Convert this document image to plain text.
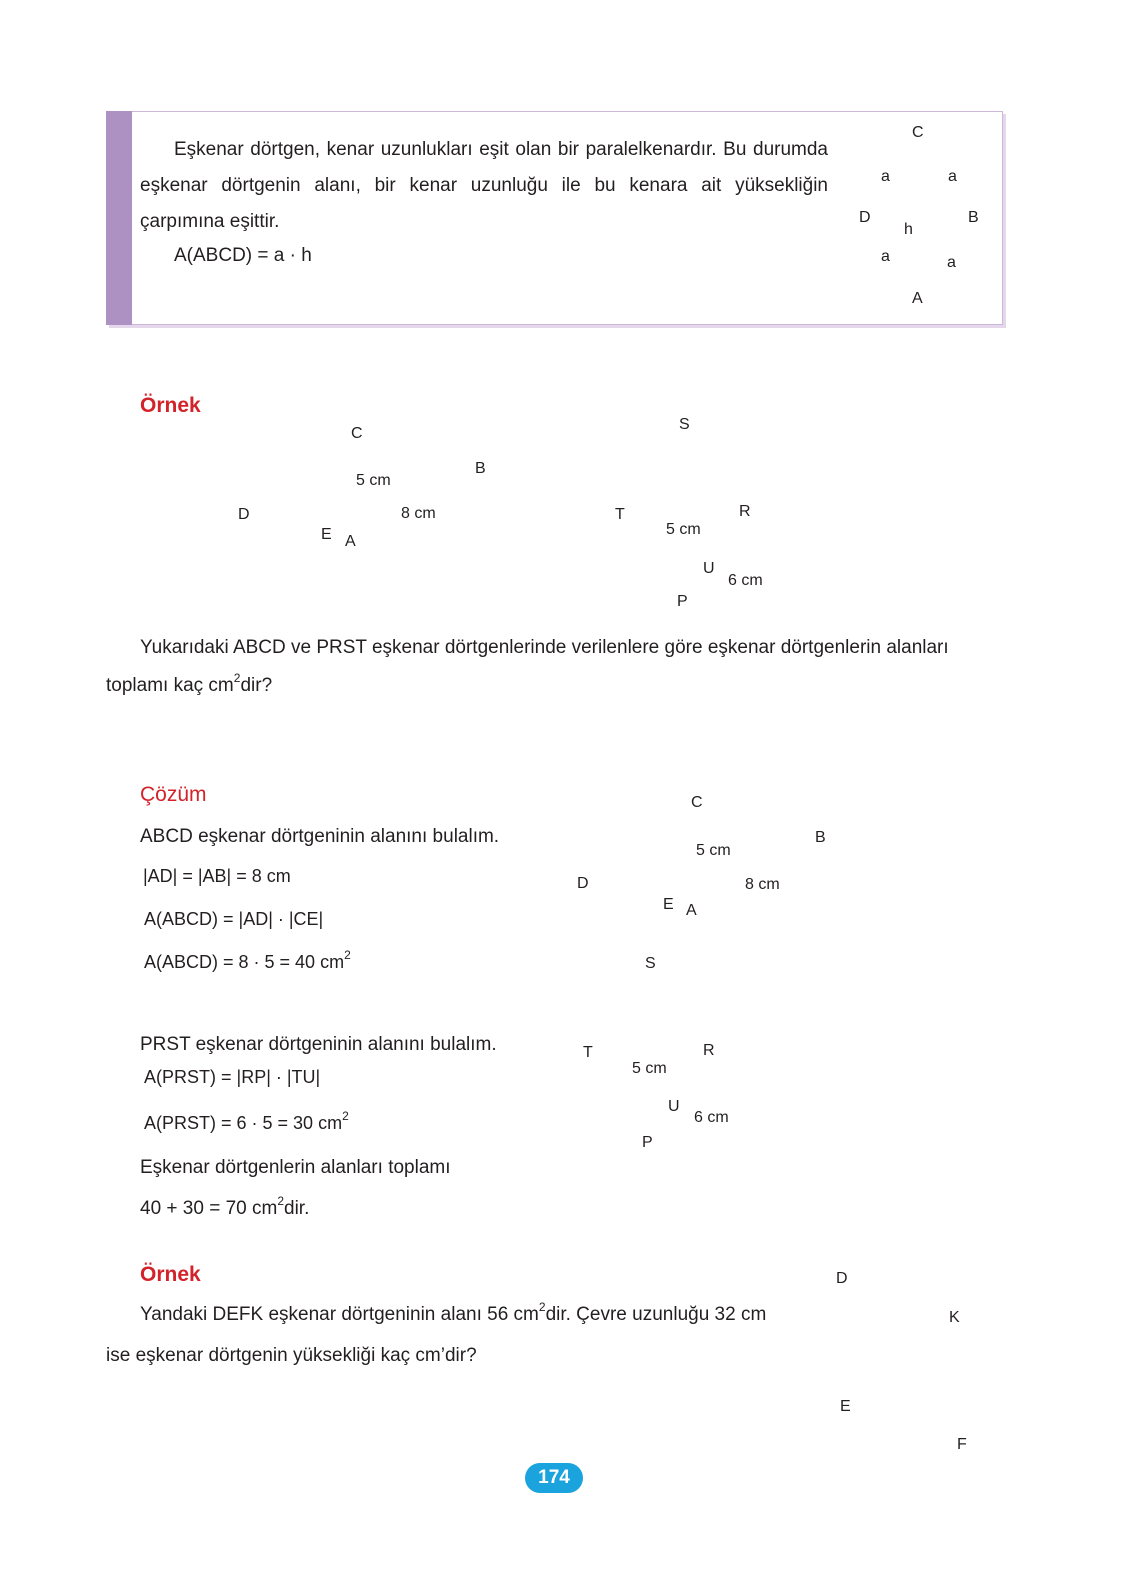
Eşkenar dörtgen, kenar uzunlukları eşit olan bir paralelkenardır. Bu durumda eşkenar dörtgenin alanı, bir kenar uzunluğu ile bu kenara ait yüksekliğin çarpımına eşittir.
A(ABCD) = a · h
C
a	a
D
h
B
a	a
A
Örnek
C
B
5 cm
D	8 cm
E A
S
T	R
5 cm
U
6 cm
P
Yukarıdaki ABCD ve PRST eşkenar dörtgenlerinde verilenlere göre eşkenar dörtgenlerin alanları
toplamı kaç $cm^2dir$?
Çözüm
ABCD eşkenar dörtgeninin alanını bulalım.
|AD| = |AB| = 8 cm
A(ABCD) = |AD| · |CE|
A(ABCD) = 8 · 5 = 40 $cm^2$
PRST eşkenar dörtgeninin alanını bulalım.
A(PRST) = |RP| · |TU|
A(PRST) = 6 · 5 = 30 $cm^2$
Eşkenar dörtgenlerin alanları toplamı
40 + 30 = 70 $cm^2dir$.
C
B
5 cm
D	8 cm
E A
S
T	R
5 cm
U
6 cm
P
Örnek
Yandaki DEFK eşkenar dörtgeninin alanı 56 $cm^2dir$. Çevre uzunluğu 32 cm
ise eşkenar dörtgenin yüksekliği kaç cm’dir?
D
K
E
F
174
